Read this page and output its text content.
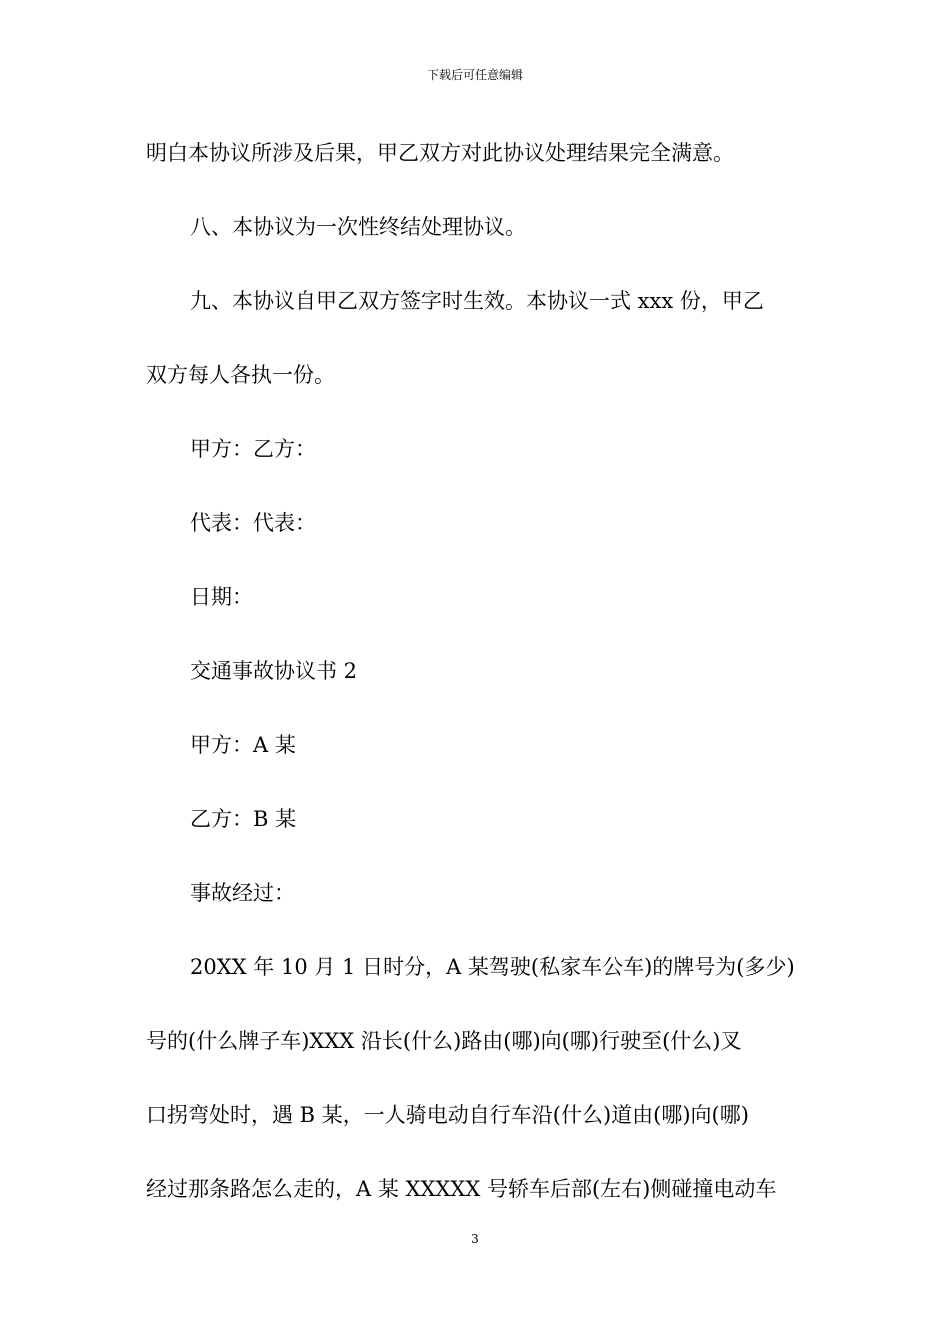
下载后可任意编辑
明白本协议所涉及后果，甲乙双方对此协议处理结果完全满意。
八、本协议为一次性终结处理协议。
九、本协议自甲乙双方签字时生效。本协议一式 xxx 份，甲乙
双方每人各执一份。
甲方：乙方：
代表：代表：
日期：
交通事故协议书 2
甲方：A 某
乙方：B 某
事故经过：
20XX 年 10 月 1 日时分，A 某驾驶(私家车公车)的牌号为(多少)
号的(什么牌子车)XXX 沿长(什么)路由(哪)向(哪)行驶至(什么)叉
口拐弯处时，遇 B 某，一人骑电动自行车沿(什么)道由(哪)向(哪)
经过那条路怎么走的，A 某 XXXXX 号轿车后部(左右)侧碰撞电动车
3
